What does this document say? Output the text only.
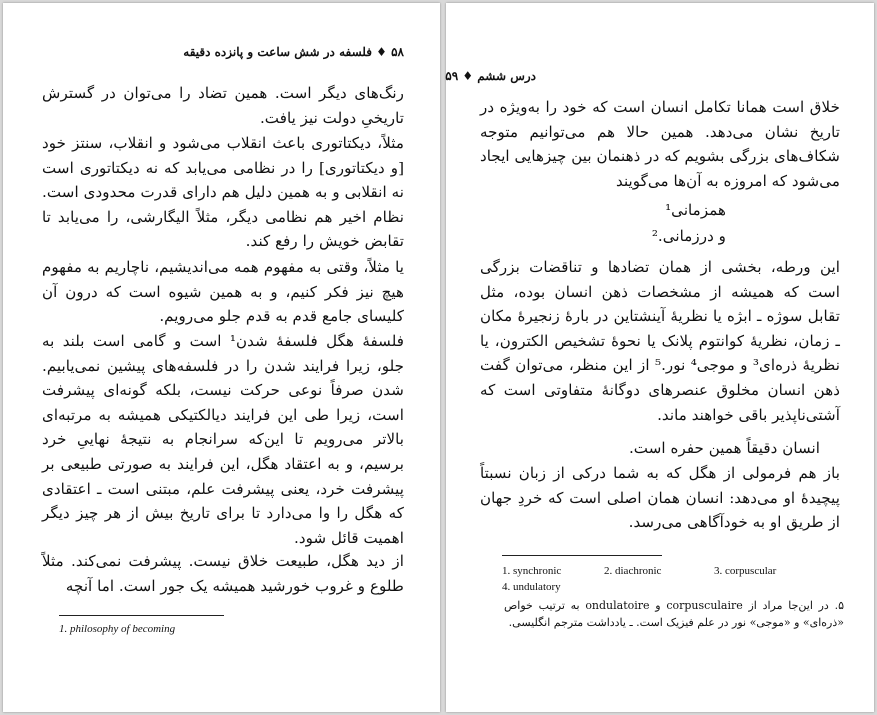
۵۸ ♦ فلسفه در شش ساعت و پانزده دقیقه

رنگ‌های دیگر است. همین تضاد را می‌توان در گسترش تاریخیِ دولت نیز یافت.

مثلاً، دیکتاتوری باعث انقلاب می‌شود و انقلاب، سنتز خود [و دیکتاتوری] را در نظامی می‌یابد که نه دیکتاتوری است نه انقلابی و به همین دلیل هم دارای قدرت محدودی است. نظام اخیر هم نظامی دیگر، مثلاً الیگارشی، را می‌یابد تا تقابض خویش را رفع کند.

یا مثلاً، وقتی به مفهوم همه می‌اندیشیم، ناچاریم به مفهوم هیچ نیز فکر کنیم، و به همین شیوه است که درون آن کلیسای جامع قدم به قدم جلو می‌رویم.

فلسفهٔ هگل فلسفهٔ شدن¹ است و گامی است بلند به جلو، زیرا فرایند شدن را در فلسفه‌های پیشین نمی‌یابیم. شدن صرفاً نوعی حرکت نیست، بلکه گونه‌ای پیشرفت است، زیرا طی این فرایند دیالکتیکی همیشه به مرتبه‌ای بالاتر می‌رویم تا این‌که سرانجام به نتیجهٔ نهاییِ خرد برسیم، و به اعتقاد هگل، این فرایند به صورتی طبیعی بر پیشرفت خرد، یعنی پیشرفت علم، مبتنی است ـ اعتقادی که هگل را وا می‌دارد تا برای تاریخ بیش از هر چیز دیگر اهمیت قائل شود.

از دید هگل، طبیعت خلاق نیست. پیشرفت نمی‌کند. مثلاً طلوع و غروب خورشید همیشه یک جور است. اما آنچه

1. philosophy of becoming
درس ششم ♦ ۵۹

خلاق است همانا تکامل انسان است که خود را به‌ویژه در تاریخ نشان می‌دهد. همین حالا هم می‌توانیم متوجه شکاف‌های بزرگی بشویم که در ذهنمان بین چیزهایی ایجاد می‌شود که امروزه به آن‌ها می‌گویند

همزمانی¹
و درزمانی.²

این ورطه، بخشی از همان تضادها و تناقضات بزرگی است که همیشه از مشخصات ذهن انسان بوده، مثل تقابل سوژه ـ ابژه یا نظریهٔ آینشتاین در بارهٔ زنجیرهٔ مکان ـ زمان، نظریهٔ کوانتوم پلانک یا نحوهٔ تشخیص الکترون، یا نظریهٔ ذره‌ای³ و موجی⁴ نور.⁵ از این منظر، می‌توان گفت ذهن انسان مخلوق عنصرهای دوگانهٔ متفاوتی است که آشتی‌ناپذیر باقی خواهند ماند.

انسان دقیقاً همین حفره است.

باز هم فرمولی از هگل که به شما درکی از زبان نسبتاً پیچیدهٔ او می‌دهد: انسان همان اصلی است که خردِ جهان از طریق او به خودآگاهی می‌رسد.

1. synchronic	2. diachronic	3. corpuscular
4. undulatory
۵. در این‌جا مراد از corpusculaire و ondulatoire به ترتیب خواص «ذره‌ای» و «موجی» نور در علم فیزیک است. ـ یادداشت مترجم انگلیسی.
